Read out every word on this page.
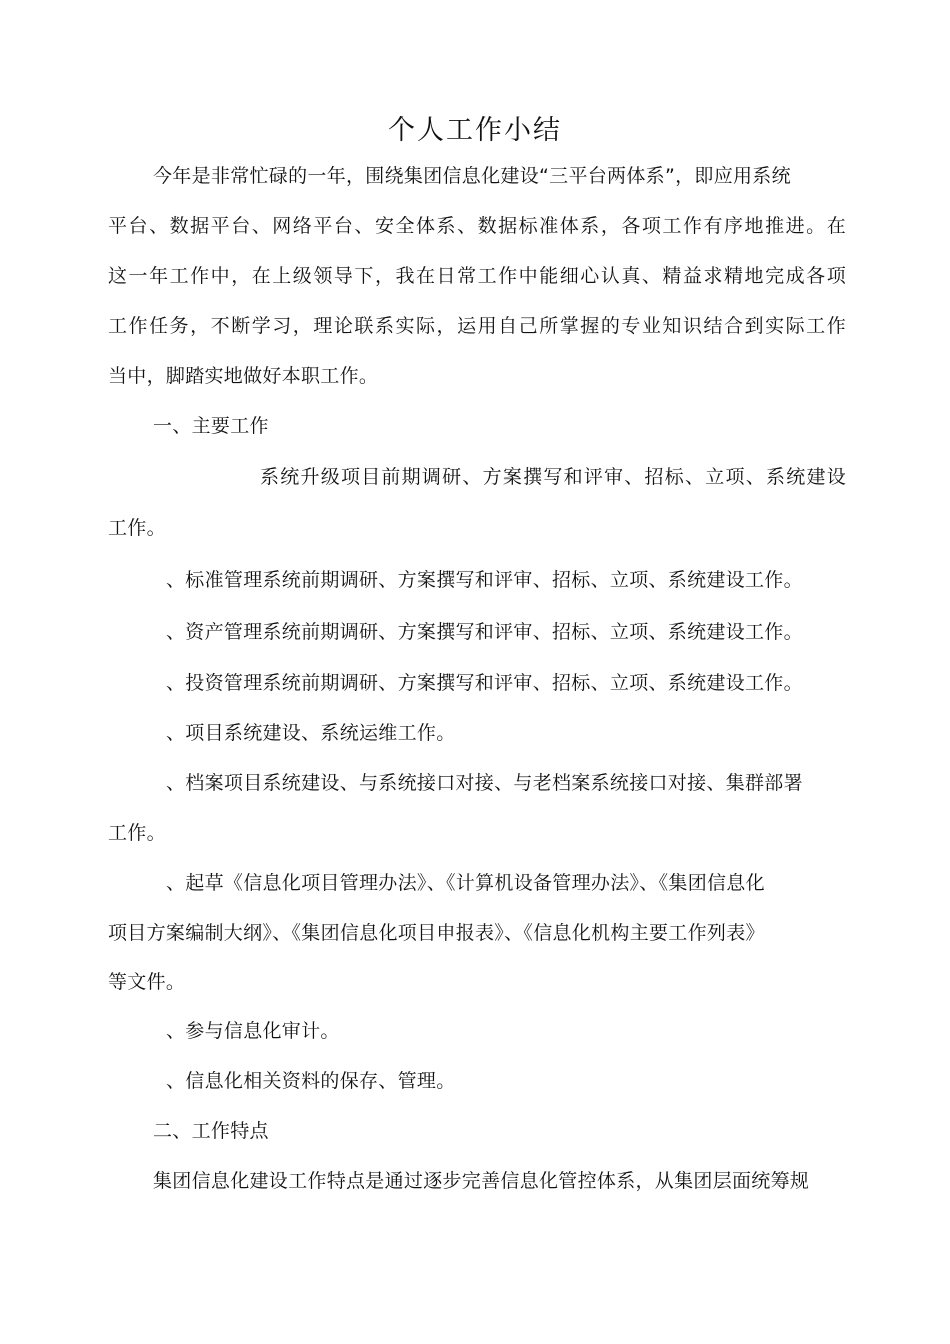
个人工作小结
今年是非常忙碌的一年，围绕集团信息化建设“三平台两体系”，即应用系统
平台、数据平台、网络平台、安全体系、数据标准体系，各项工作有序地推进。在
这一年工作中，在上级领导下，我在日常工作中能细心认真、精益求精地完成各项
工作任务，不断学习，理论联系实际，运用自己所掌握的专业知识结合到实际工作
当中，脚踏实地做好本职工作。
一、主要工作
系统升级项目前期调研、方案撰写和评审、招标、立项、系统建设
工作。
、标准管理系统前期调研、方案撰写和评审、招标、立项、系统建设工作。
、资产管理系统前期调研、方案撰写和评审、招标、立项、系统建设工作。
、投资管理系统前期调研、方案撰写和评审、招标、立项、系统建设工作。
、项目系统建设、系统运维工作。
、档案项目系统建设、与系统接口对接、与老档案系统接口对接、集群部署
工作。
、起草《信息化项目管理办法》、《计算机设备管理办法》、《集团信息化
项目方案编制大纲》、《集团信息化项目申报表》、《信息化机构主要工作列表》
等文件。
、参与信息化审计。
、信息化相关资料的保存、管理。
二、工作特点
集团信息化建设工作特点是通过逐步完善信息化管控体系，从集团层面统筹规
